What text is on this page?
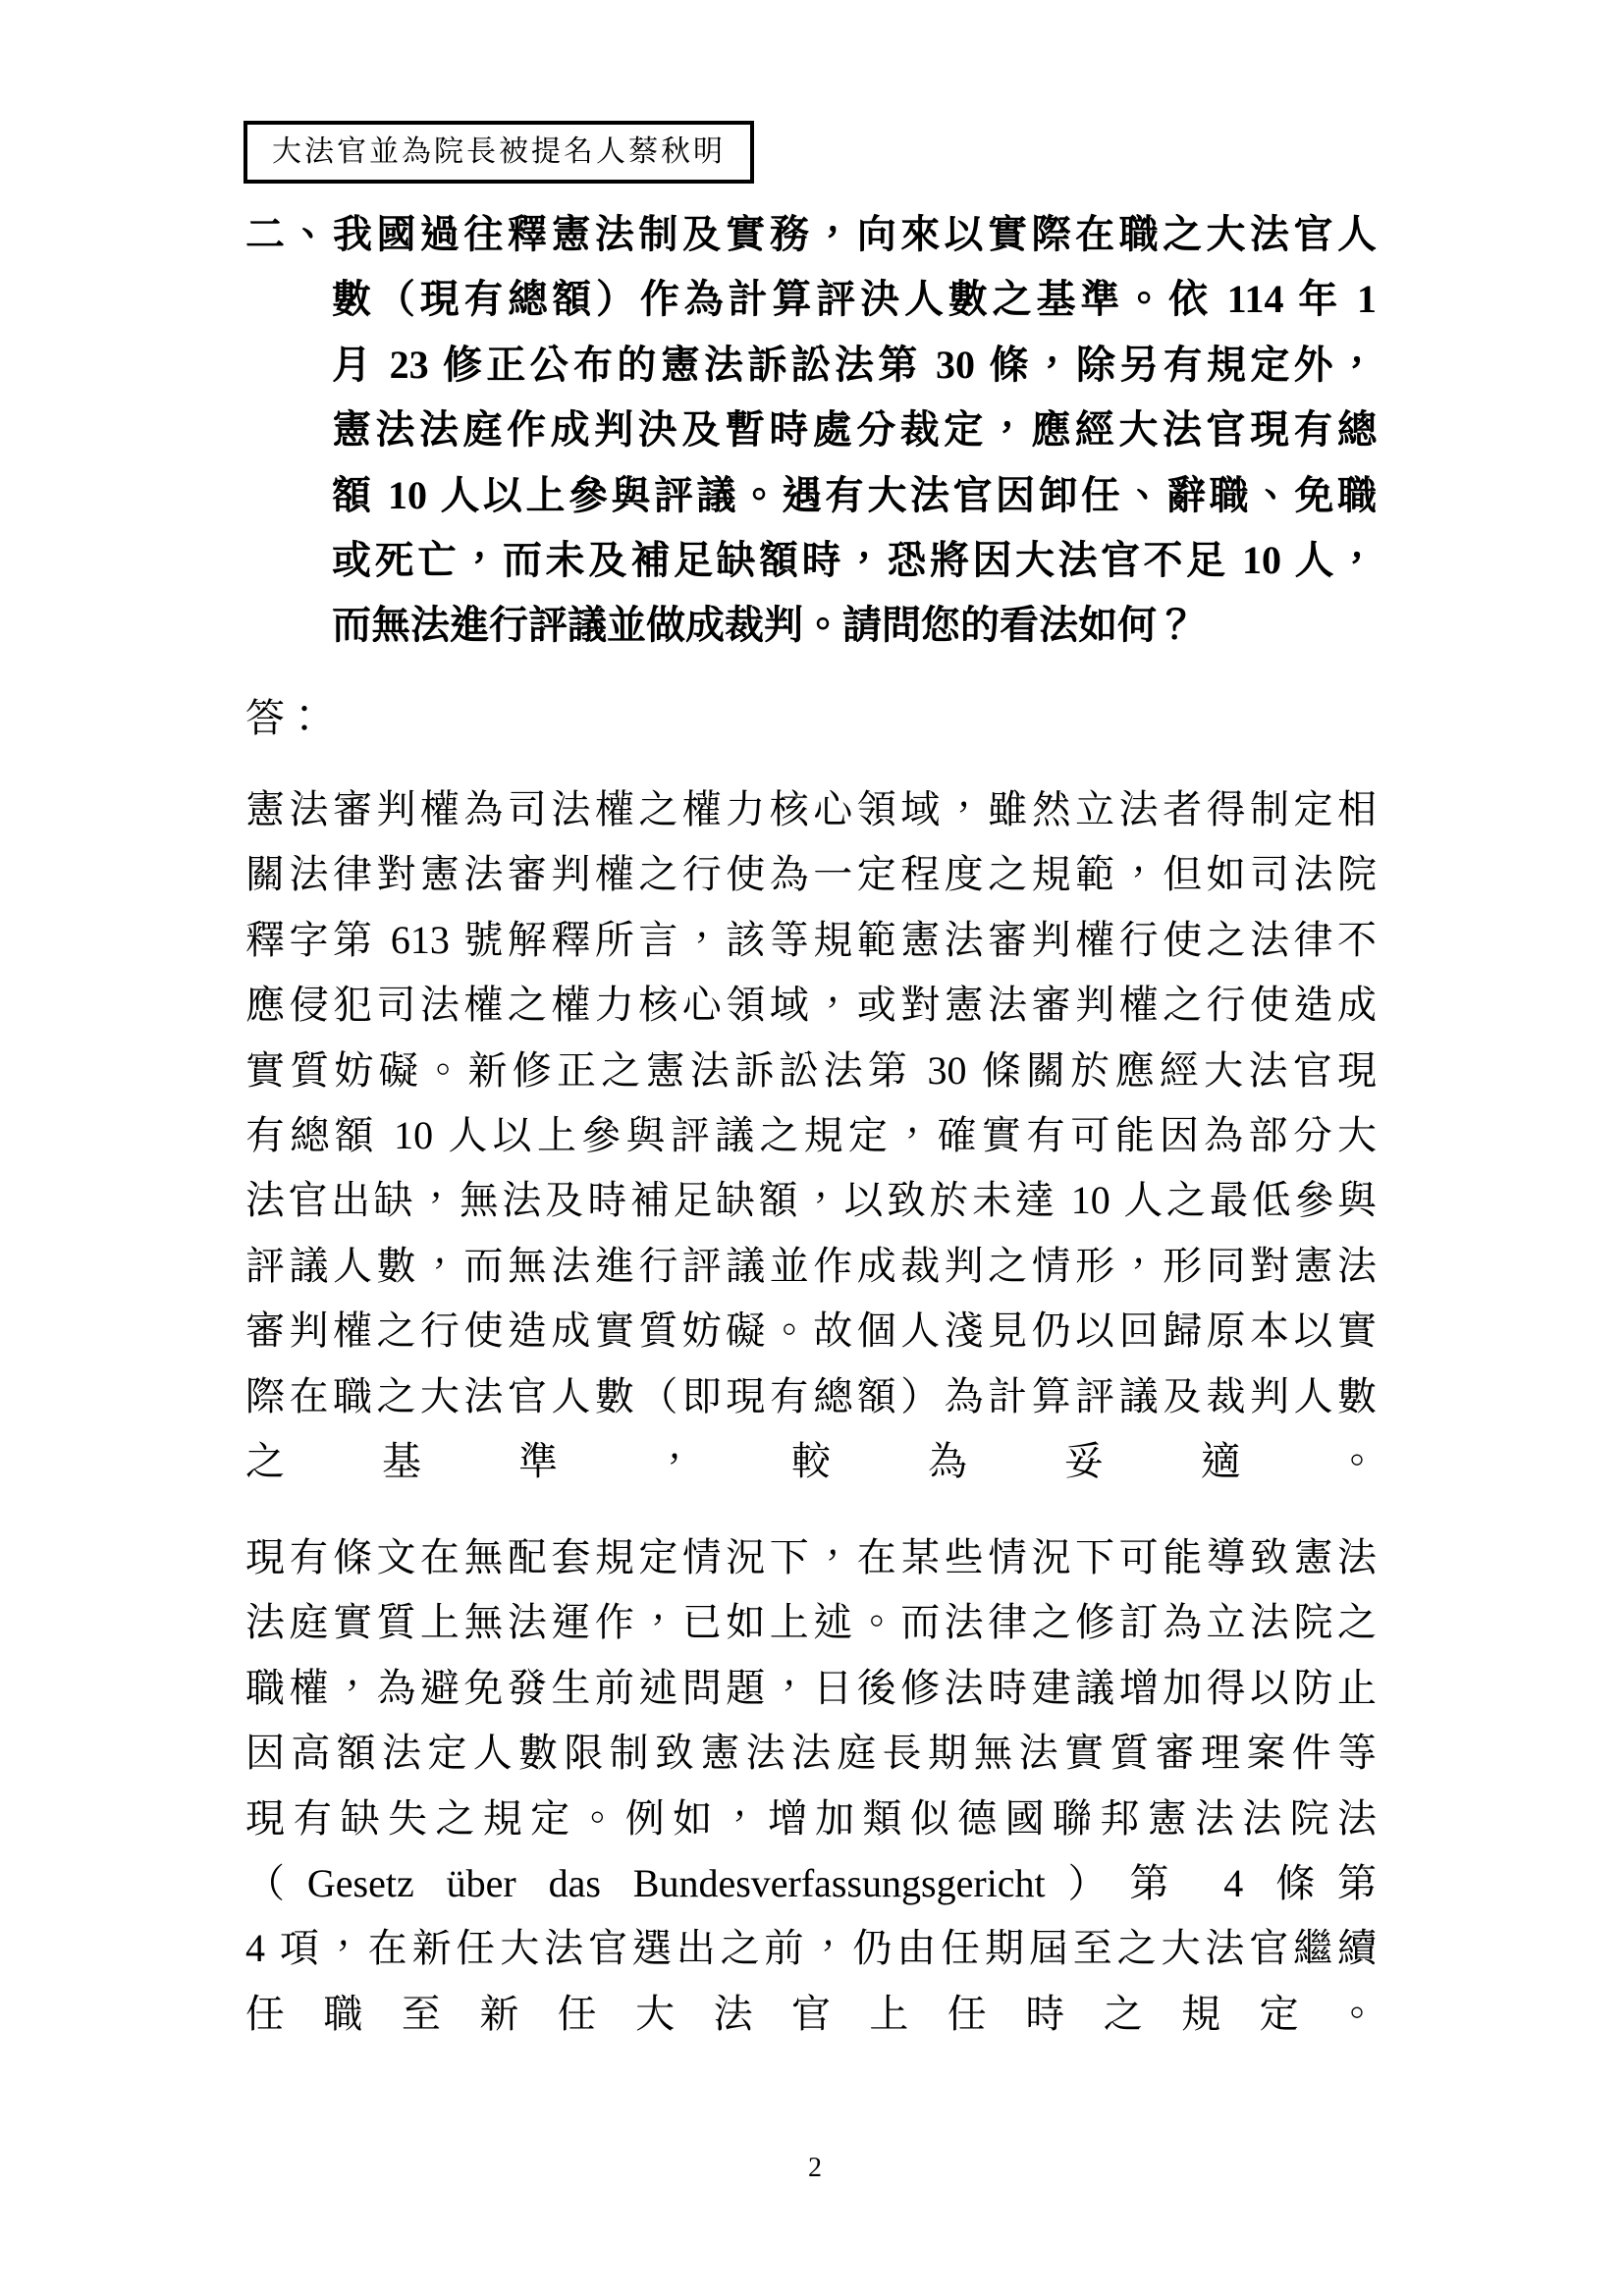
大法官並為院長被提名人蔡秋明
二、我國過往釋憲法制及實務，向來以實際在職之大法官人
數（現有總額）作為計算評決人數之基準。依 114 年 1
月 23 修正公布的憲法訴訟法第 30 條，除另有規定外，
憲法法庭作成判決及暫時處分裁定，應經大法官現有總
額 10 人以上參與評議。遇有大法官因卸任、辭職、免職
或死亡，而未及補足缺額時，恐將因大法官不足 10 人，
而無法進行評議並做成裁判。請問您的看法如何？
答：
憲法審判權為司法權之權力核心領域，雖然立法者得制定相
關法律對憲法審判權之行使為一定程度之規範，但如司法院
釋字第 613 號解釋所言，該等規範憲法審判權行使之法律不
應侵犯司法權之權力核心領域，或對憲法審判權之行使造成
實質妨礙。新修正之憲法訴訟法第 30 條關於應經大法官現
有總額 10 人以上參與評議之規定，確實有可能因為部分大
法官出缺，無法及時補足缺額，以致於未達 10 人之最低參與
評議人數，而無法進行評議並作成裁判之情形，形同對憲法
審判權之行使造成實質妨礙。故個人淺見仍以回歸原本以實
際在職之大法官人數（即現有總額）為計算評議及裁判人數
之基準，較為妥適。
現有條文在無配套規定情況下，在某些情況下可能導致憲法
法庭實質上無法運作，已如上述。而法律之修訂為立法院之
職權，為避免發生前述問題，日後修法時建議增加得以防止
因高額法定人數限制致憲法法庭長期無法實質審理案件等
現有缺失之規定。例如，增加類似德國聯邦憲法法院法
（Gesetz über das Bundesverfassungsgericht）第 4 條第
4 項，在新任大法官選出之前，仍由任期屆至之大法官繼續
任職至新任大法官上任時之規定。
2
